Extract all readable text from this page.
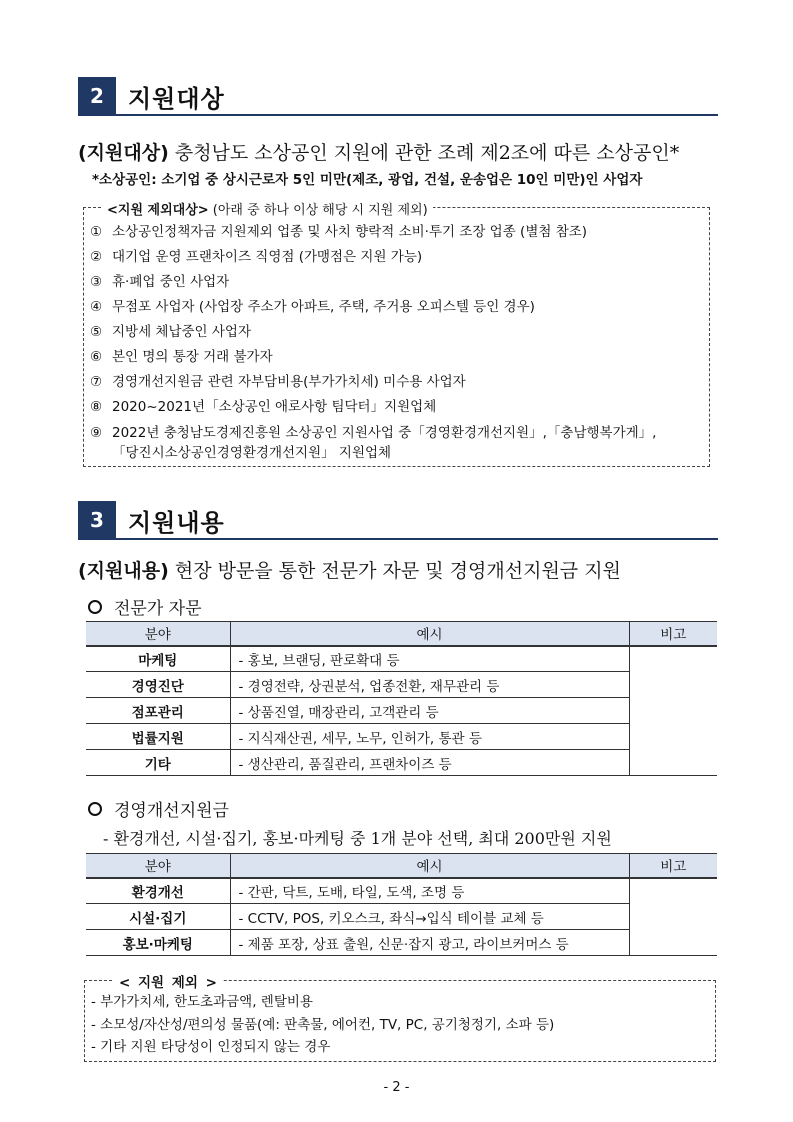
2	지원대상
(지원대상) 충청남도 소상공인 지원에 관한 조례 제2조에 따른 소상공인*
*소상공인: 소기업 중 상시근로자 5인 미만(제조, 광업, 건설, 운송업은 10인 미만)인 사업자
<지원 제외대상> (아래 중 하나 이상 해당 시 지원 제외)
① 소상공인정책자금 지원제외 업종 및 사치 향락적 소비·투기 조장 업종 (별첨 참조)
② 대기업 운영 프랜차이즈 직영점 (가맹점은 지원 가능)
③ 휴·폐업 중인 사업자
④ 무점포 사업자 (사업장 주소가 아파트, 주택, 주거용 오피스텔 등인 경우)
⑤ 지방세 체납중인 사업자
⑥ 본인 명의 통장 거래 불가자
⑦ 경영개선지원금 관련 자부담비용(부가가치세) 미수용 사업자
⑧ 2020~2021년「소상공인 애로사항 팀닥터」지원업체
⑨ 2022년 충청남도경제진흥원 소상공인 지원사업 중「경영환경개선지원」,「충남행복가게」,
「당진시소상공인경영환경개선지원」 지원업체
3	지원내용
(지원내용) 현장 방문을 통한 전문가 자문 및 경영개선지원금 지원
전문가 자문
분야	예시	비고
마케팅	- 홍보, 브랜딩, 판로확대 등	
경영진단	- 경영전략, 상권분석, 업종전환, 재무관리 등	
점포관리	- 상품진열, 매장관리, 고객관리 등	
법률지원	- 지식재산권, 세무, 노무, 인허가, 통관 등	
기타	- 생산관리, 품질관리, 프랜차이즈 등	
경영개선지원금
- 환경개선, 시설·집기, 홍보·마케팅 중 1개 분야 선택, 최대 200만원 지원
분야	예시	비고
환경개선	- 간판, 닥트, 도배, 타일, 도색, 조명 등	
시설·집기	- CCTV, POS, 키오스크, 좌식→입식 테이블 교체 등	
홍보·마케팅	- 제품 포장, 상표 출원, 신문·잡지 광고, 라이브커머스 등	
< 지원 제외 >
- 부가가치세, 한도초과금액, 렌탈비용
- 소모성/자산성/편의성 물품(예: 판촉물, 에어컨, TV, PC, 공기청정기, 소파 등)
- 기타 지원 타당성이 인정되지 않는 경우
- 2 -
